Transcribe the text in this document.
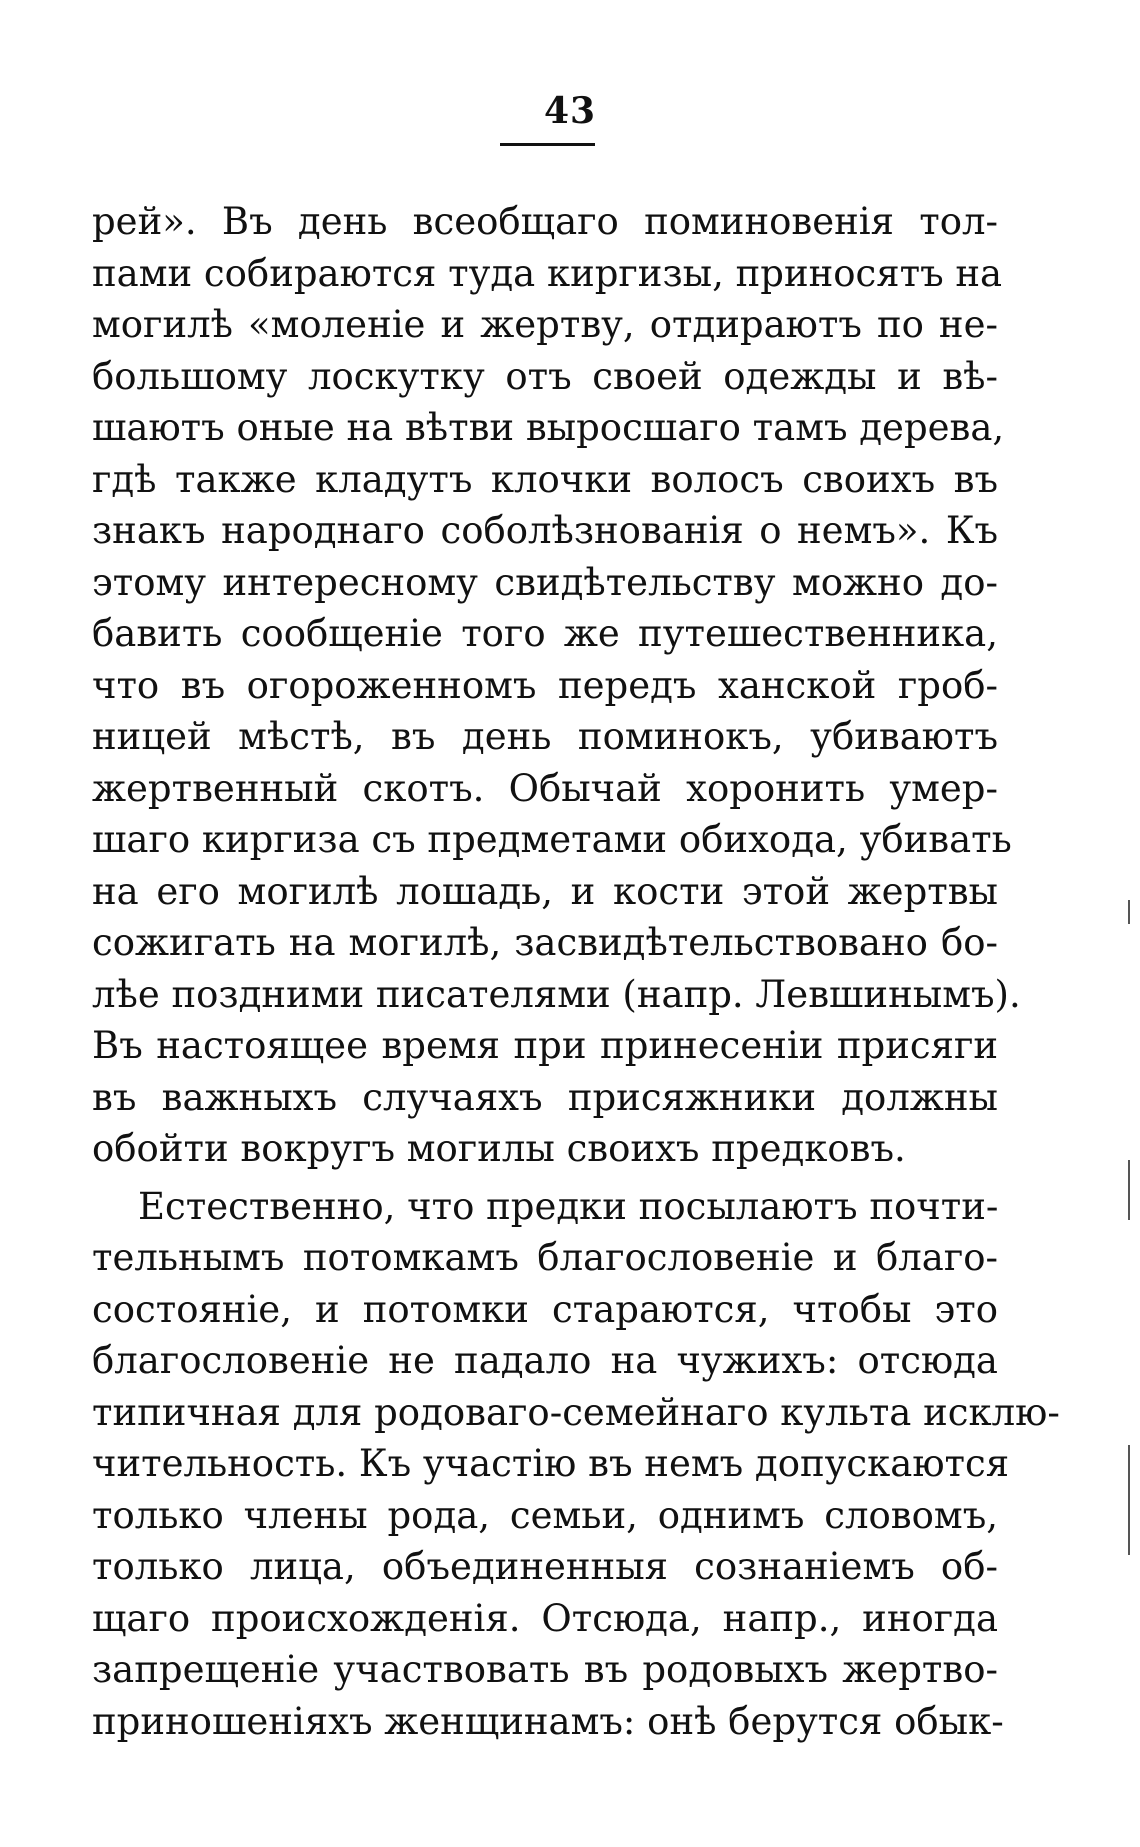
43
рей». Въ день всеобщаго поминовенія тол-
пами собираются туда киргизы, приносятъ на
могилѣ «моленіе и жертву, отдираютъ по не-
большому лоскутку отъ своей одежды и вѣ-
шаютъ оные на вѣтви выросшаго тамъ дерева,
гдѣ также кладутъ клочки волосъ своихъ въ
знакъ народнаго соболѣзнованія о немъ». Къ
этому интересному свидѣтельству можно до-
бавить сообщеніе того же путешественника,
что въ огороженномъ передъ ханской гроб-
ницей мѣстѣ, въ день поминокъ, убиваютъ
жертвенный скотъ. Обычай хоронить умер-
шаго киргиза съ предметами обихода, убивать
на его могилѣ лошадь, и кости этой жертвы
сожигать на могилѣ, засвидѣтельствовано бо-
лѣе поздними писателями (напр. Левшинымъ).
Въ настоящее время при принесеніи присяги
въ важныхъ случаяхъ присяжники должны
обойти вокругъ могилы своихъ предковъ.
Естественно, что предки посылаютъ почти-
тельнымъ потомкамъ благословеніе и благо-
состояніе, и потомки стараются, чтобы это
благословеніе не падало на чужихъ: отсюда
типичная для родоваго-семейнаго культа исклю-
чительность. Къ участію въ немъ допускаются
только члены рода, семьи, однимъ словомъ,
только лица, объединенныя сознаніемъ об-
щаго происхожденія. Отсюда, напр., иногда
запрещеніе участвовать въ родовыхъ жертво-
приношеніяхъ женщинамъ: онѣ берутся обык-
